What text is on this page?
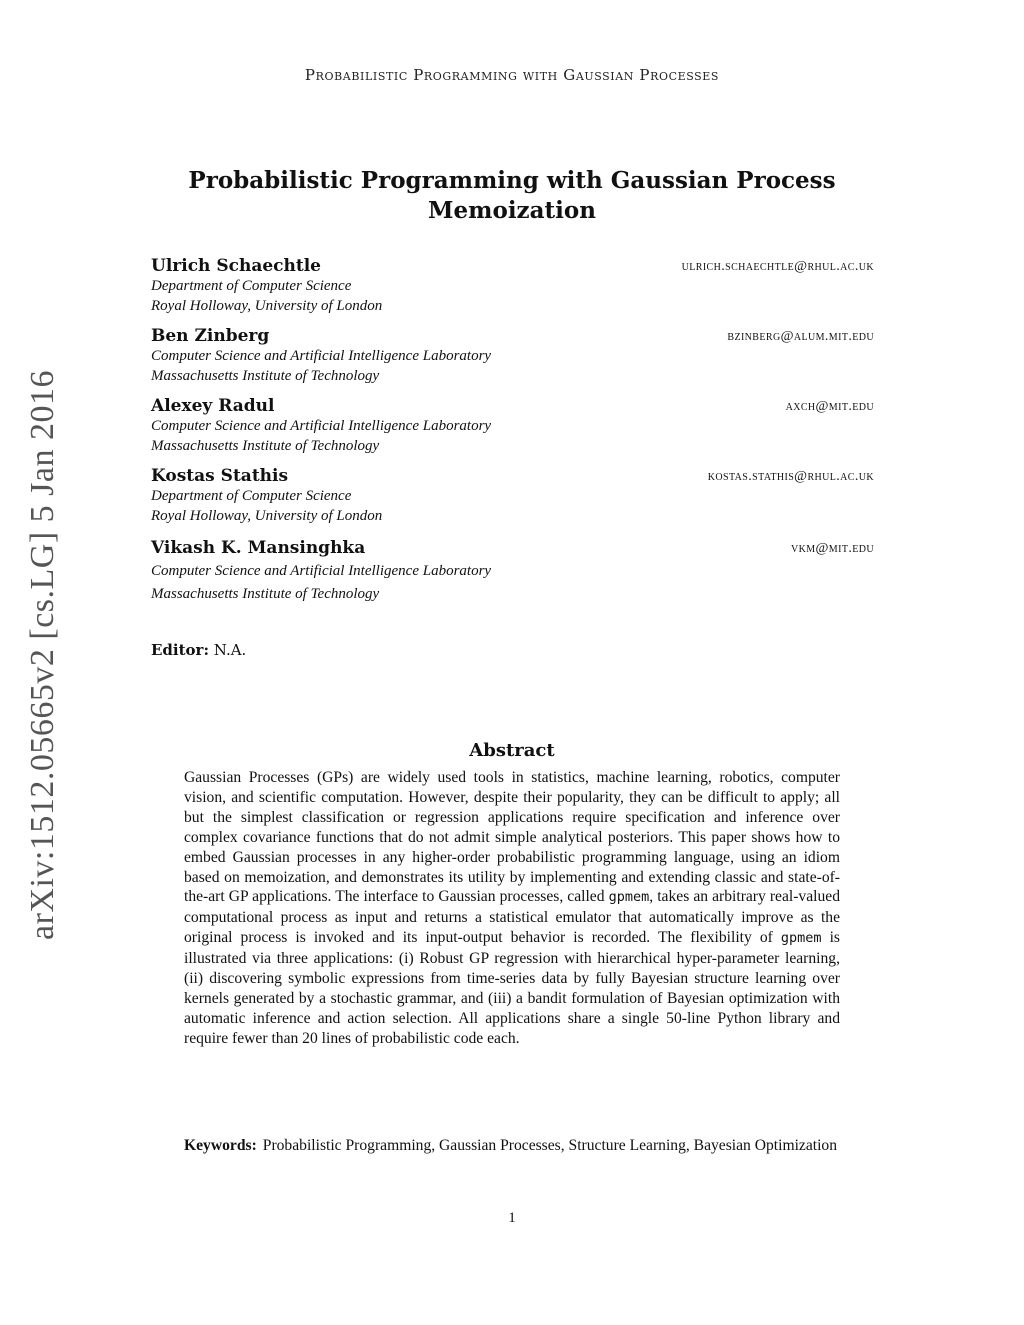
Probabilistic Programming with Gaussian Processes
arXiv:1512.05665v2 [cs.LG] 5 Jan 2016
Probabilistic Programming with Gaussian Process
Memoization
Ulrich Schaechtle	ulrich.schaechtle@rhul.ac.uk
Department of Computer Science
Royal Holloway, University of London
Ben Zinberg	bzinberg@alum.mit.edu
Computer Science and Artificial Intelligence Laboratory
Massachusetts Institute of Technology
Alexey Radul	axch@mit.edu
Computer Science and Artificial Intelligence Laboratory
Massachusetts Institute of Technology
Kostas Stathis	kostas.stathis@rhul.ac.uk
Department of Computer Science
Royal Holloway, University of London
Vikash K. Mansinghka	vkm@mit.edu
Computer Science and Artificial Intelligence Laboratory
Massachusetts Institute of Technology
Editor: N.A.
Abstract
Gaussian Processes (GPs) are widely used tools in statistics, machine learning, robotics, computer vision, and scientific computation. However, despite their popularity, they can be difficult to apply; all but the simplest classification or regression applications require specification and inference over complex covariance functions that do not admit simple analytical posteriors. This paper shows how to embed Gaussian processes in any higher-order probabilistic programming language, using an idiom based on memoization, and demonstrates its utility by implementing and extending classic and state-of-the-art GP applications. The interface to Gaussian processes, called gpmem, takes an arbitrary real-valued computational process as input and returns a statistical emulator that automatically improve as the original process is invoked and its input-output behavior is recorded. The flexibility of gpmem is illustrated via three applications: (i) Robust GP regression with hierarchical hyper-parameter learning, (ii) discovering symbolic expressions from time-series data by fully Bayesian structure learning over kernels generated by a stochastic grammar, and (iii) a bandit formulation of Bayesian optimization with automatic inference and action selection. All applications share a single 50-line Python library and require fewer than 20 lines of probabilistic code each.
Keywords: Probabilistic Programming, Gaussian Processes, Structure Learning, Bayesian Optimization
1
